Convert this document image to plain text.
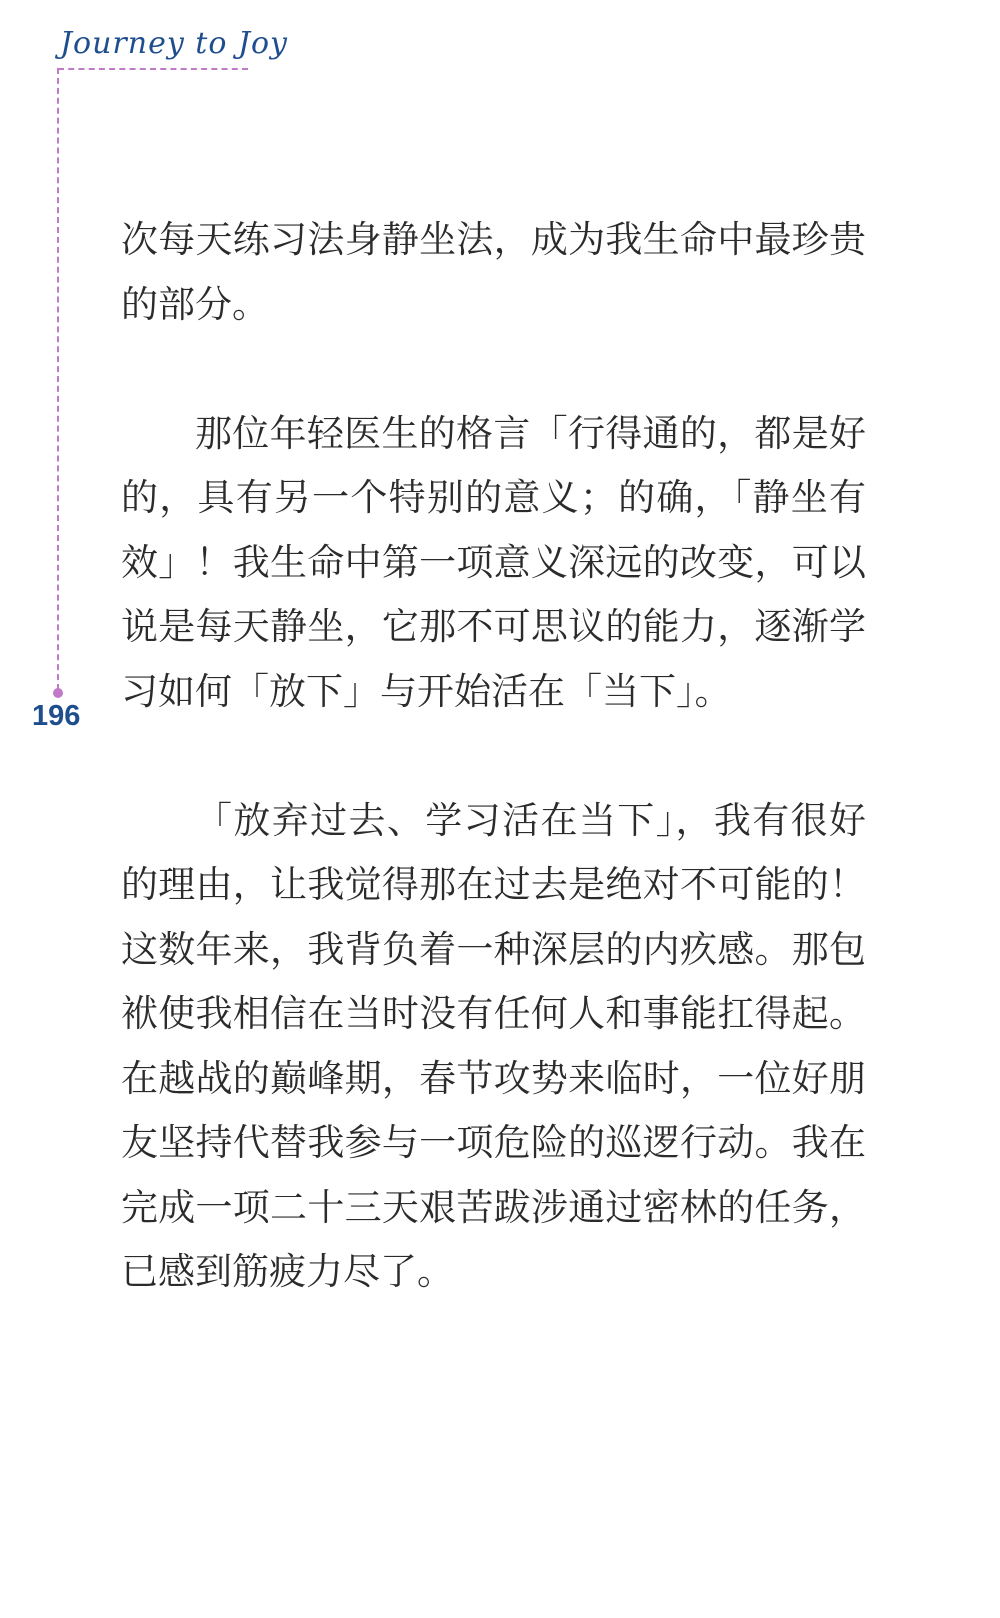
Journey to Joy
196

次每天练习法身静坐法，成为我生命中最珍贵的部分。

那位年轻医生的格言「行得通的，都是好的，具有另一个特别的意义；的确，「静坐有效」！我生命中第一项意义深远的改变，可以说是每天静坐，它那不可思议的能力，逐渐学习如何「放下」与开始活在「当下」。

「放弃过去、学习活在当下」，我有很好的理由，让我觉得那在过去是绝对不可能的！这数年来，我背负着一种深层的内疚感。那包袱使我相信在当时没有任何人和事能扛得起。在越战的巅峰期，春节攻势来临时，一位好朋友坚持代替我参与一项危险的巡逻行动。我在完成一项二十三天艰苦跋涉通过密林的任务，已感到筋疲力尽了。
